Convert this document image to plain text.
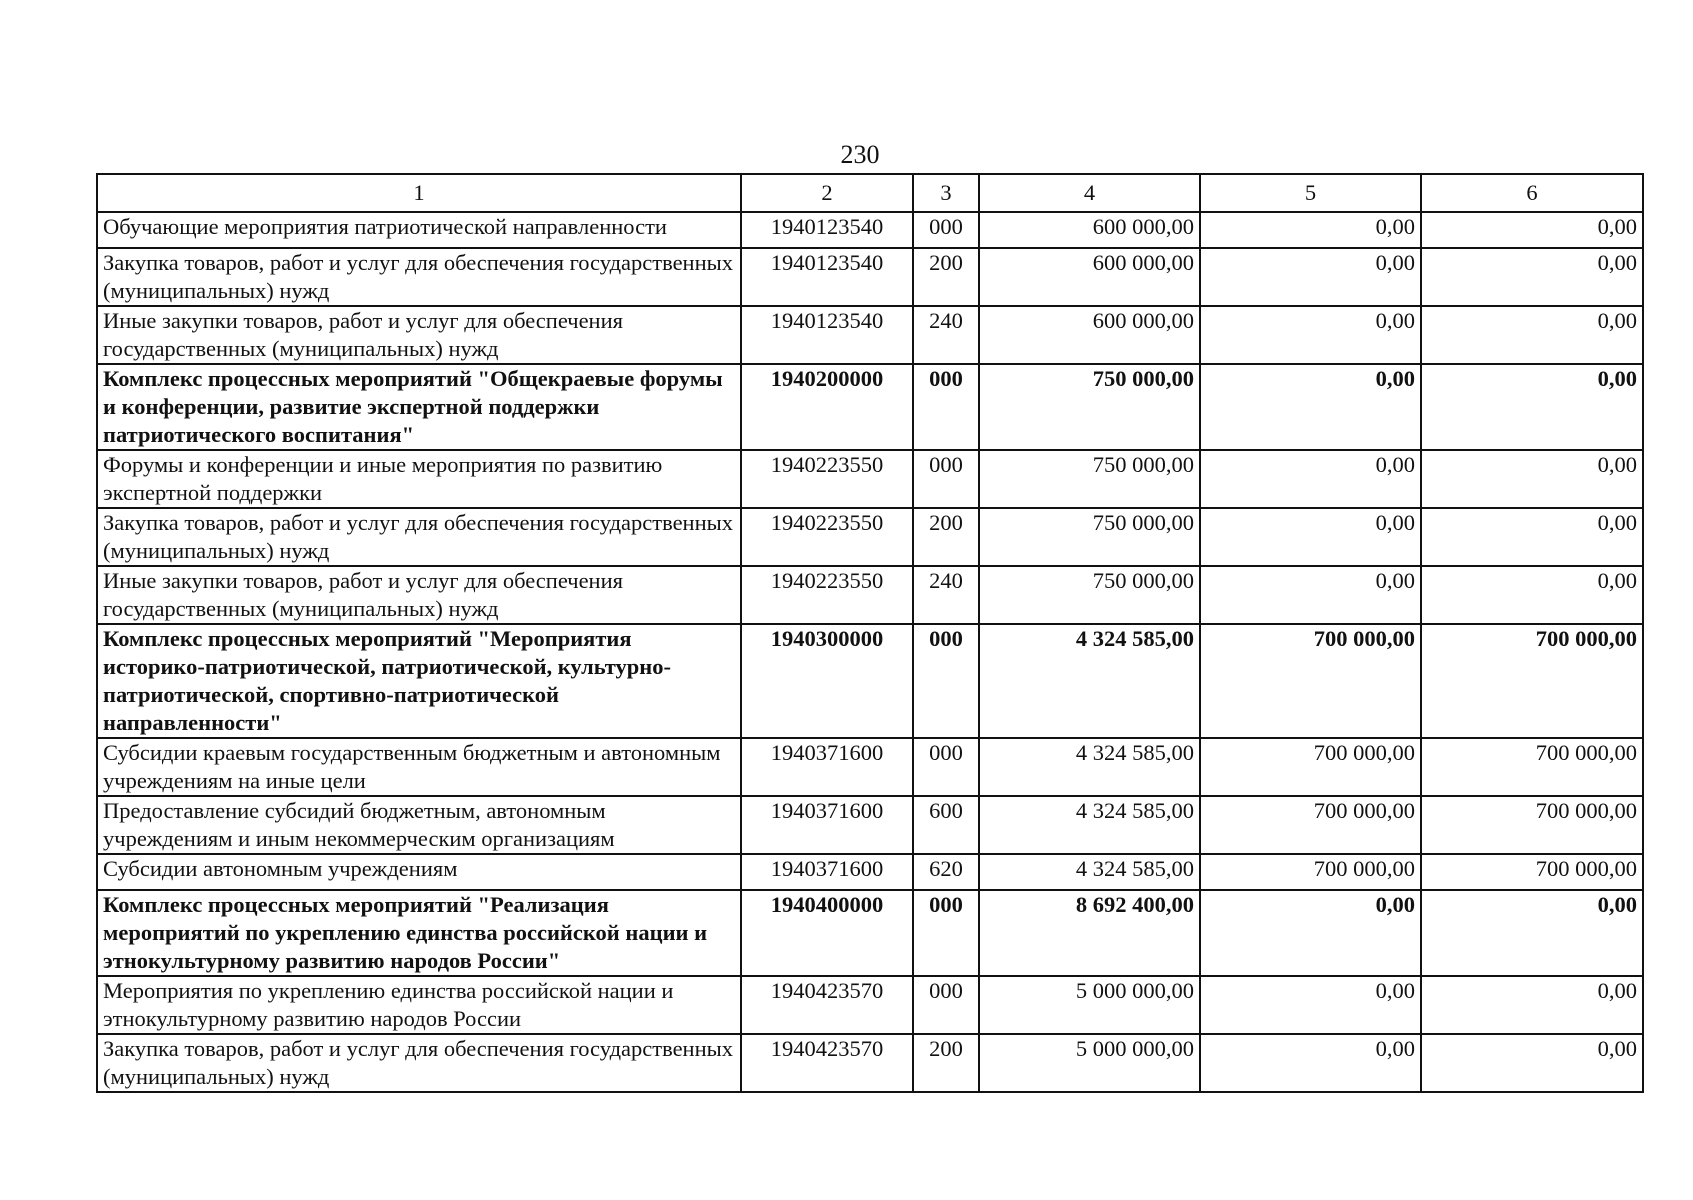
230
1	2	3	4	5	6
Обучающие мероприятия патриотической направленности	1940123540	000	600 000,00	0,00	0,00
Закупка товаров, работ и услуг для обеспечения государственных (муниципальных) нужд	1940123540	200	600 000,00	0,00	0,00
Иные закупки товаров, работ и услуг для обеспечения государственных (муниципальных) нужд	1940123540	240	600 000,00	0,00	0,00
Комплекс процессных мероприятий "Общекраевые форумы и конференции, развитие экспертной поддержки патриотического воспитания"	1940200000	000	750 000,00	0,00	0,00
Форумы и конференции и иные мероприятия по развитию экспертной поддержки	1940223550	000	750 000,00	0,00	0,00
Закупка товаров, работ и услуг для обеспечения государственных (муниципальных) нужд	1940223550	200	750 000,00	0,00	0,00
Иные закупки товаров, работ и услуг для обеспечения государственных (муниципальных) нужд	1940223550	240	750 000,00	0,00	0,00
Комплекс процессных мероприятий "Мероприятия историко-патриотической, патриотической, культурно-патриотической, спортивно-патриотической направленности"	1940300000	000	4 324 585,00	700 000,00	700 000,00
Субсидии краевым государственным бюджетным и автономным учреждениям на иные цели	1940371600	000	4 324 585,00	700 000,00	700 000,00
Предоставление субсидий бюджетным, автономным учреждениям и иным некоммерческим организациям	1940371600	600	4 324 585,00	700 000,00	700 000,00
Субсидии автономным учреждениям	1940371600	620	4 324 585,00	700 000,00	700 000,00
Комплекс процессных мероприятий "Реализация мероприятий по укреплению единства российской нации и этнокультурному развитию народов России"	1940400000	000	8 692 400,00	0,00	0,00
Мероприятия по укреплению единства российской нации и этнокультурному развитию народов России	1940423570	000	5 000 000,00	0,00	0,00
Закупка товаров, работ и услуг для обеспечения государственных (муниципальных) нужд	1940423570	200	5 000 000,00	0,00	0,00
